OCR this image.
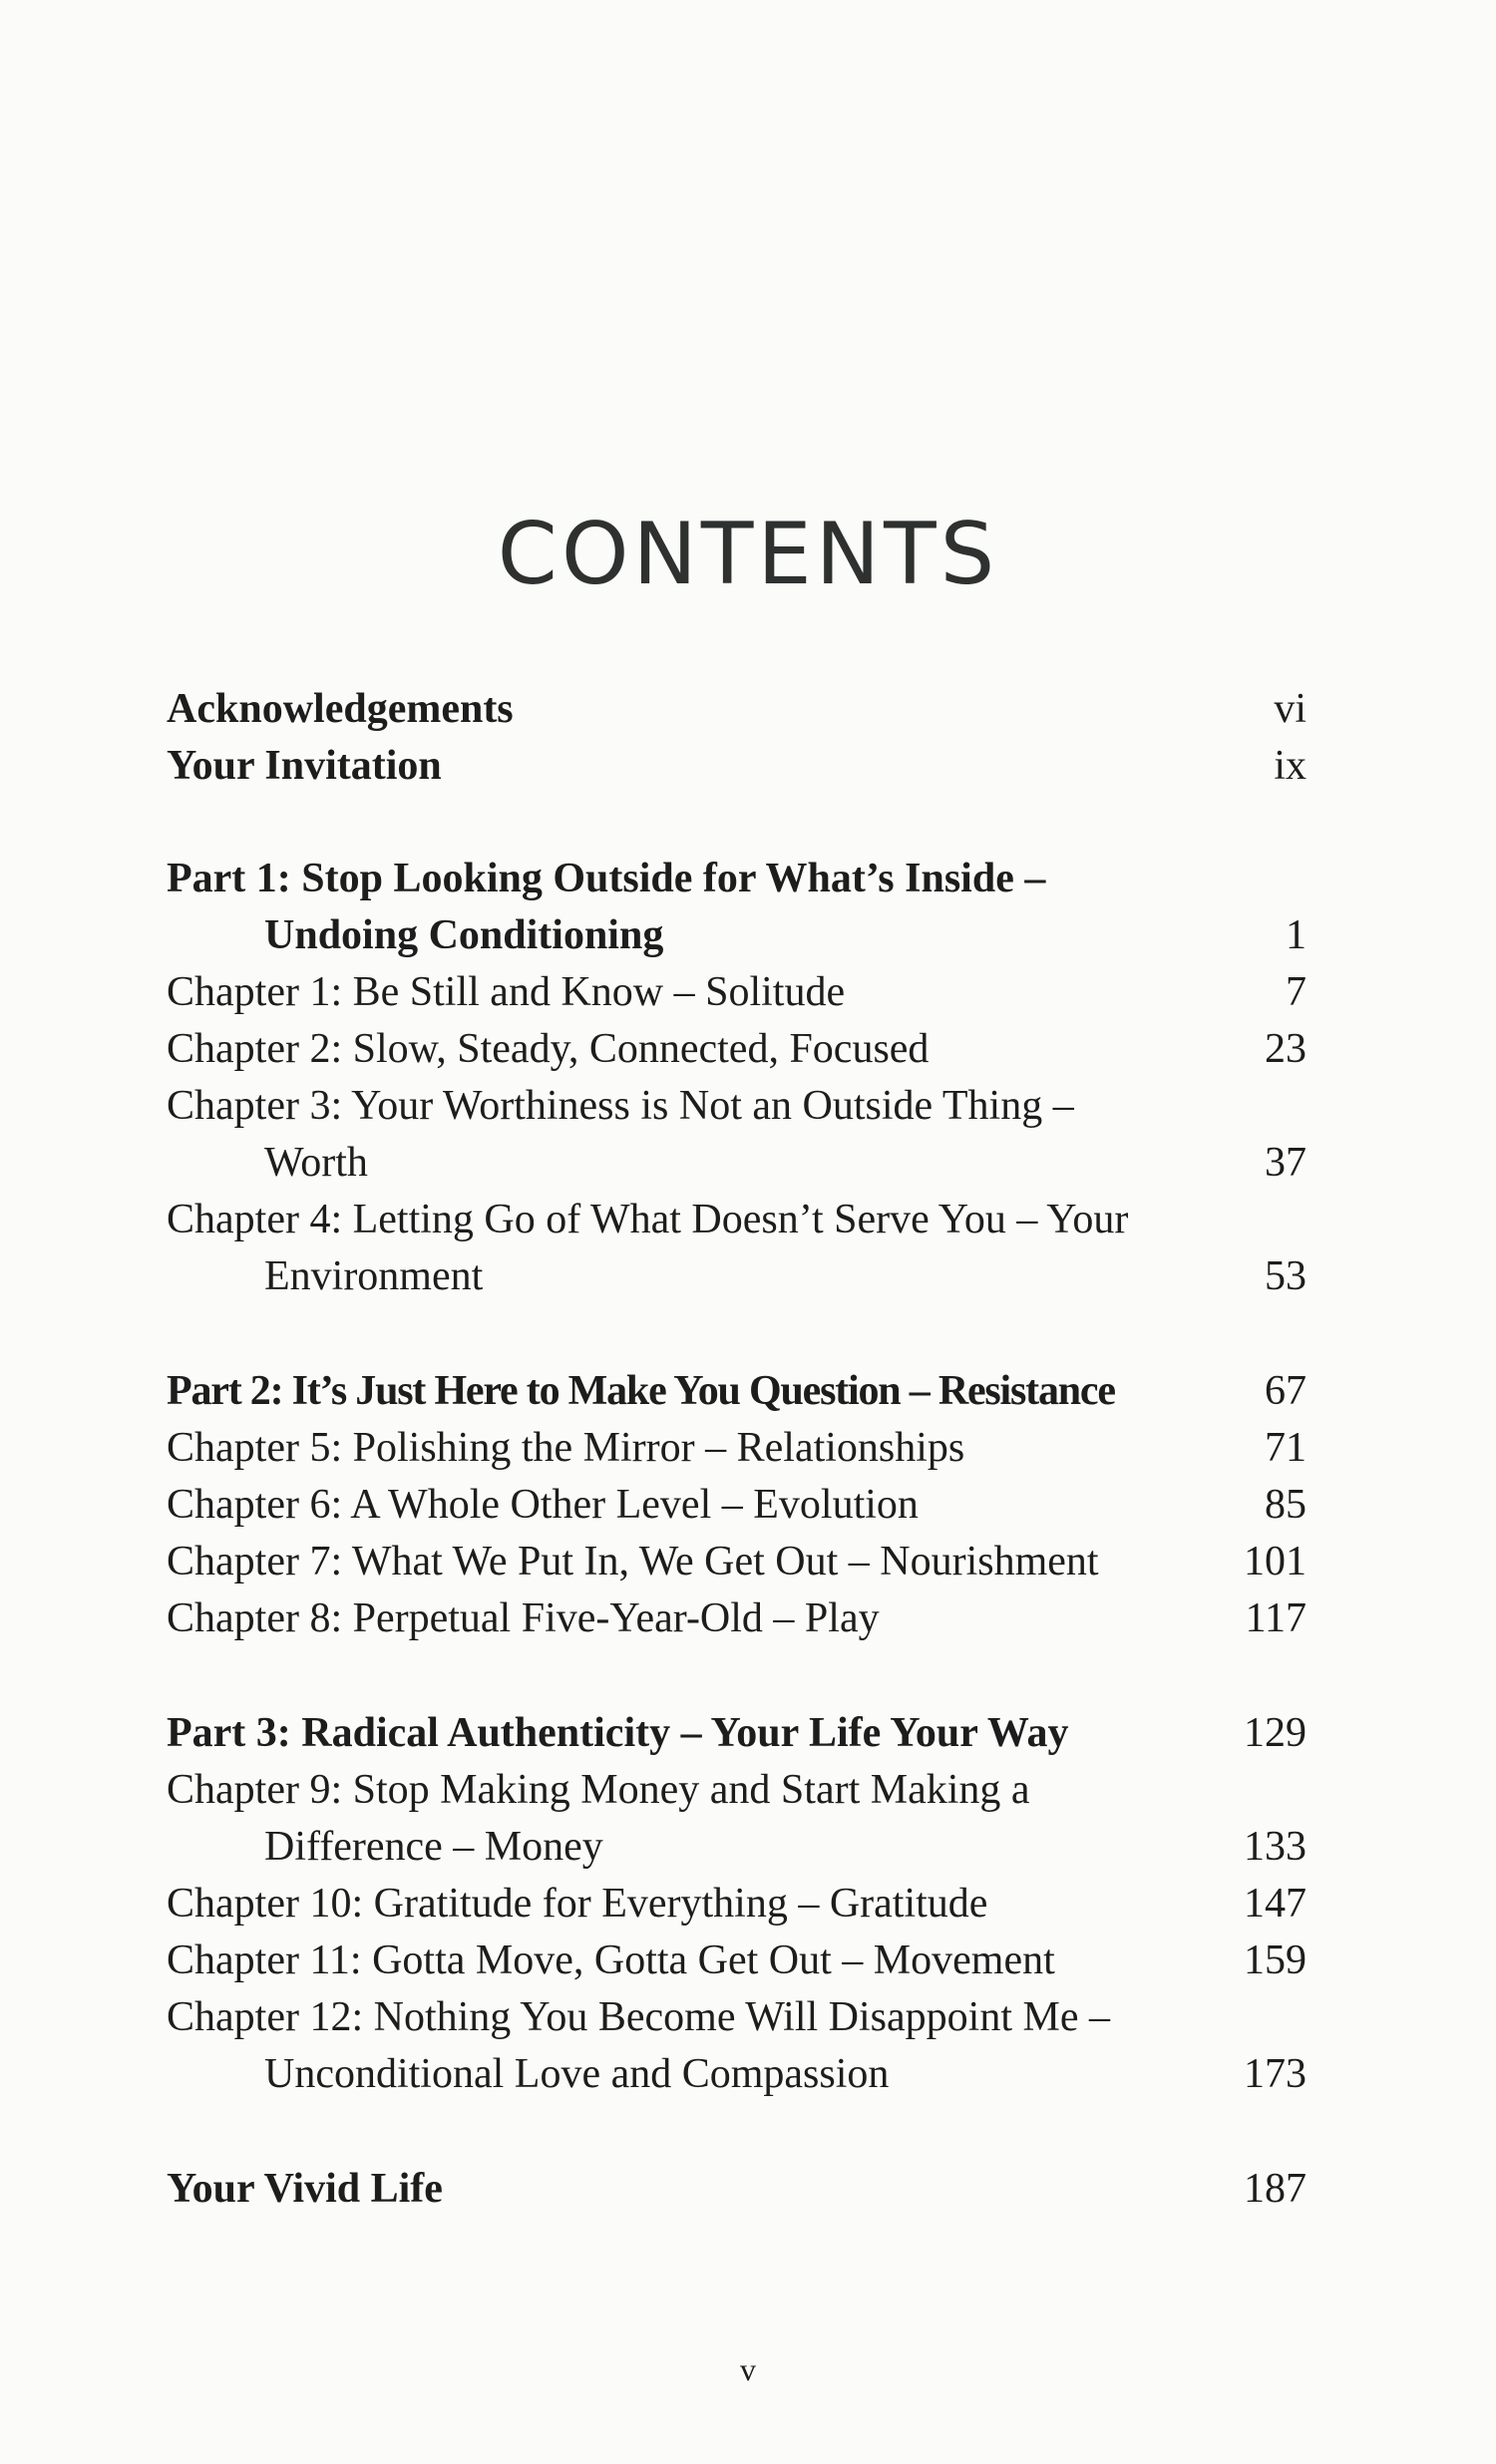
CONTENTS
Acknowledgements	vi
Your Invitation	ix
Part 1: Stop Looking Outside for What’s Inside –
Undoing Conditioning	1
Chapter 1: Be Still and Know – Solitude	7
Chapter 2: Slow, Steady, Connected, Focused	23
Chapter 3: Your Worthiness is Not an Outside Thing –
Worth	37
Chapter 4: Letting Go of What Doesn’t Serve You – Your
Environment	53
Part 2: It’s Just Here to Make You Question – Resistance	67
Chapter 5: Polishing the Mirror – Relationships	71
Chapter 6: A Whole Other Level – Evolution	85
Chapter 7: What We Put In, We Get Out – Nourishment	101
Chapter 8: Perpetual Five-Year-Old – Play	117
Part 3: Radical Authenticity – Your Life Your Way	129
Chapter 9: Stop Making Money and Start Making a
Difference – Money	133
Chapter 10: Gratitude for Everything – Gratitude	147
Chapter 11: Gotta Move, Gotta Get Out – Movement	159
Chapter 12: Nothing You Become Will Disappoint Me –
Unconditional Love and Compassion	173
Your Vivid Life	187
v
